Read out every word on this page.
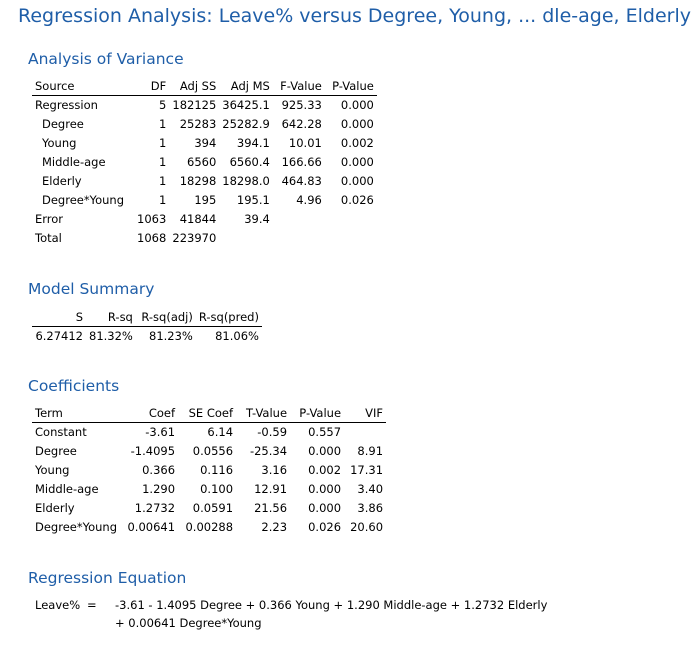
Regression Analysis: Leave% versus Degree, Young, ... dle-age, Elderly
Analysis of Variance
Source	DF	Adj SS	Adj MS	F-Value	P-Value
Regression	5	182125	36425.1	925.33	0.000
Degree	1	25283	25282.9	642.28	0.000
Young	1	394	394.1	10.01	0.002
Middle-age	1	6560	6560.4	166.66	0.000
Elderly	1	18298	18298.0	464.83	0.000
Degree*Young	1	195	195.1	4.96	0.026
Error	1063	41844	39.4		
Total	1068	223970			
Model Summary
S	R-sq	R-sq(adj)	R-sq(pred)
6.27412	81.32%	81.23%	81.06%
Coefficients
Term	Coef	SE Coef	T-Value	P-Value	VIF
Constant	-3.61	6.14	-0.59	0.557	
Degree	-1.4095	0.0556	-25.34	0.000	8.91
Young	0.366	0.116	3.16	0.002	17.31
Middle-age	1.290	0.100	12.91	0.000	3.40
Elderly	1.2732	0.0591	21.56	0.000	3.86
Degree*Young	0.00641	0.00288	2.23	0.026	20.60
Regression Equation
Leave% = -3.61 - 1.4095 Degree + 0.366 Young + 1.290 Middle-age + 1.2732 Elderly
+ 0.00641 Degree*Young
